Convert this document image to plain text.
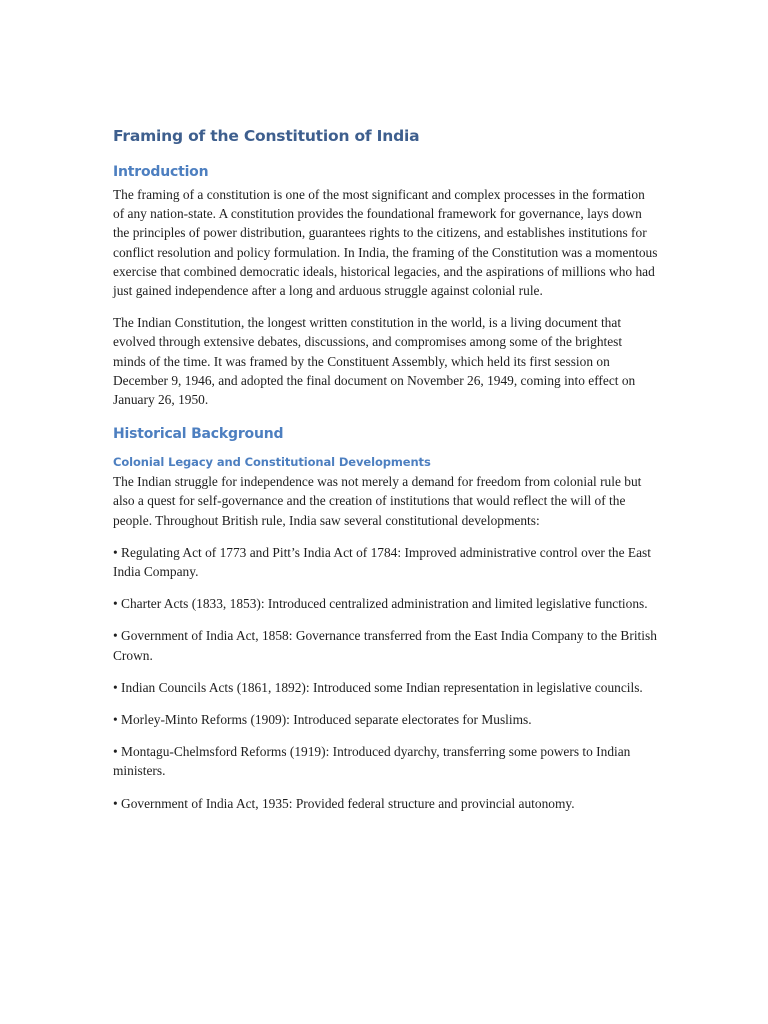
Framing of the Constitution of India
Introduction

The framing of a constitution is one of the most significant and complex processes in the formation of any nation-state. A constitution provides the foundational framework for governance, lays down the principles of power distribution, guarantees rights to the citizens, and establishes institutions for conflict resolution and policy formulation. In India, the framing of the Constitution was a momentous exercise that combined democratic ideals, historical legacies, and the aspirations of millions who had just gained independence after a long and arduous struggle against colonial rule.

The Indian Constitution, the longest written constitution in the world, is a living document that evolved through extensive debates, discussions, and compromises among some of the brightest minds of the time. It was framed by the Constituent Assembly, which held its first session on December 9, 1946, and adopted the final document on November 26, 1949, coming into effect on January 26, 1950.

Historical Background
Colonial Legacy and Constitutional Developments

The Indian struggle for independence was not merely a demand for freedom from colonial rule but also a quest for self-governance and the creation of institutions that would reflect the will of the people. Throughout British rule, India saw several constitutional developments:

• Regulating Act of 1773 and Pitt’s India Act of 1784: Improved administrative control over the East India Company.

• Charter Acts (1833, 1853): Introduced centralized administration and limited legislative functions.

• Government of India Act, 1858: Governance transferred from the East India Company to the British Crown.

• Indian Councils Acts (1861, 1892): Introduced some Indian representation in legislative councils.

• Morley-Minto Reforms (1909): Introduced separate electorates for Muslims.

• Montagu-Chelmsford Reforms (1919): Introduced dyarchy, transferring some powers to Indian ministers.

• Government of India Act, 1935: Provided federal structure and provincial autonomy.
